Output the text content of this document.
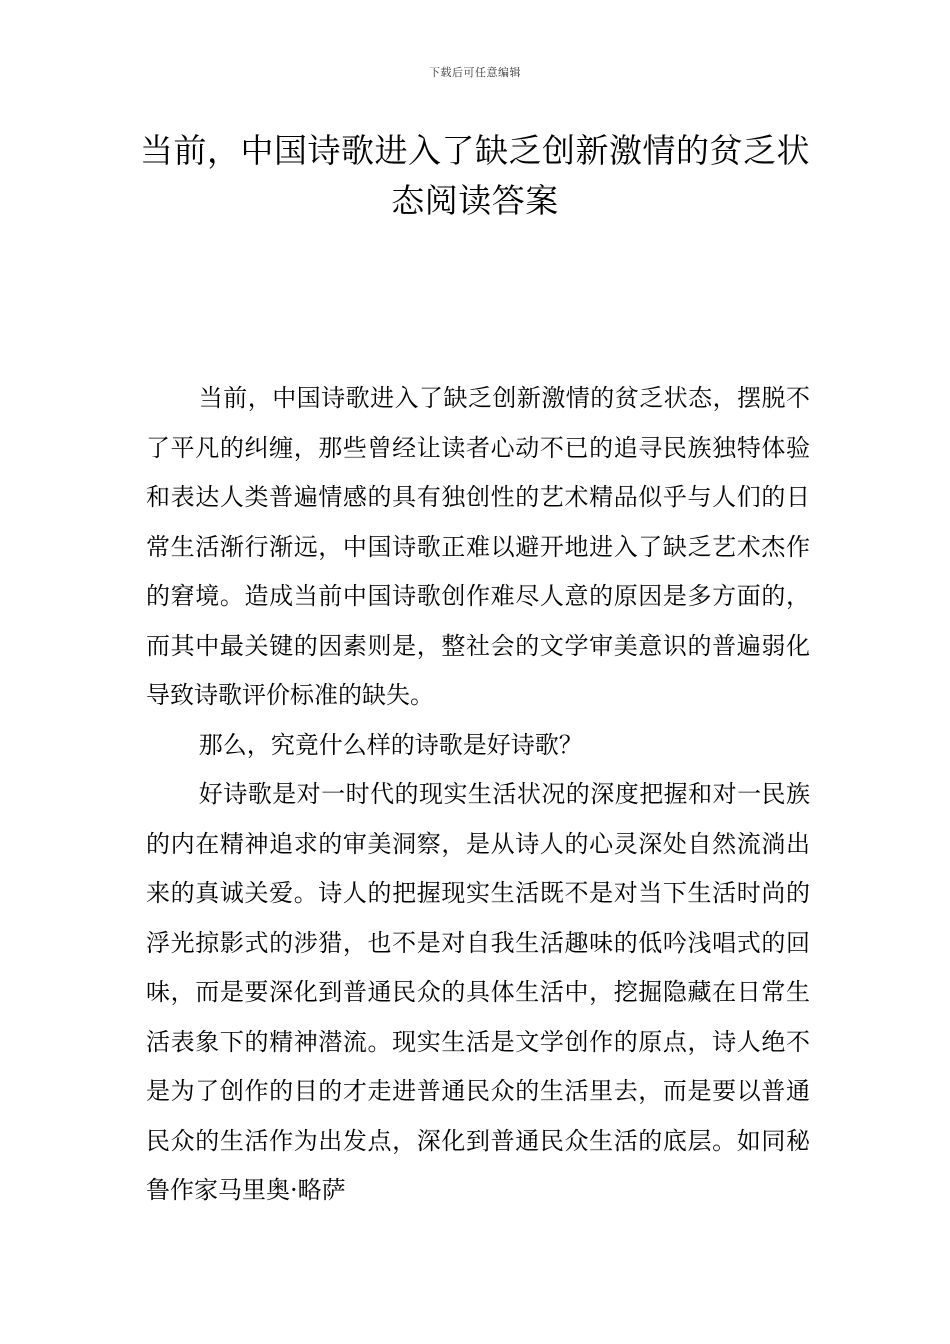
下载后可任意编辑
当前，中国诗歌进入了缺乏创新激情的贫乏状态阅读答案

当前，中国诗歌进入了缺乏创新激情的贫乏状态，摆脱不了平凡的纠缠，那些曾经让读者心动不已的追寻民族独特体验和表达人类普遍情感的具有独创性的艺术精品似乎与人们的日常生活渐行渐远，中国诗歌正难以避开地进入了缺乏艺术杰作的窘境。造成当前中国诗歌创作难尽人意的原因是多方面的，而其中最关键的因素则是，整社会的文学审美意识的普遍弱化导致诗歌评价标准的缺失。

那么，究竟什么样的诗歌是好诗歌？

好诗歌是对一时代的现实生活状况的深度把握和对一民族的内在精神追求的审美洞察，是从诗人的心灵深处自然流淌出来的真诚关爱。诗人的把握现实生活既不是对当下生活时尚的浮光掠影式的涉猎，也不是对自我生活趣味的低吟浅唱式的回味，而是要深化到普通民众的具体生活中，挖掘隐藏在日常生活表象下的精神潜流。现实生活是文学创作的原点，诗人绝不是为了创作的目的才走进普通民众的生活里去，而是要以普通民众的生活作为出发点，深化到普通民众生活的底层。如同秘鲁作家马里奥·略萨
